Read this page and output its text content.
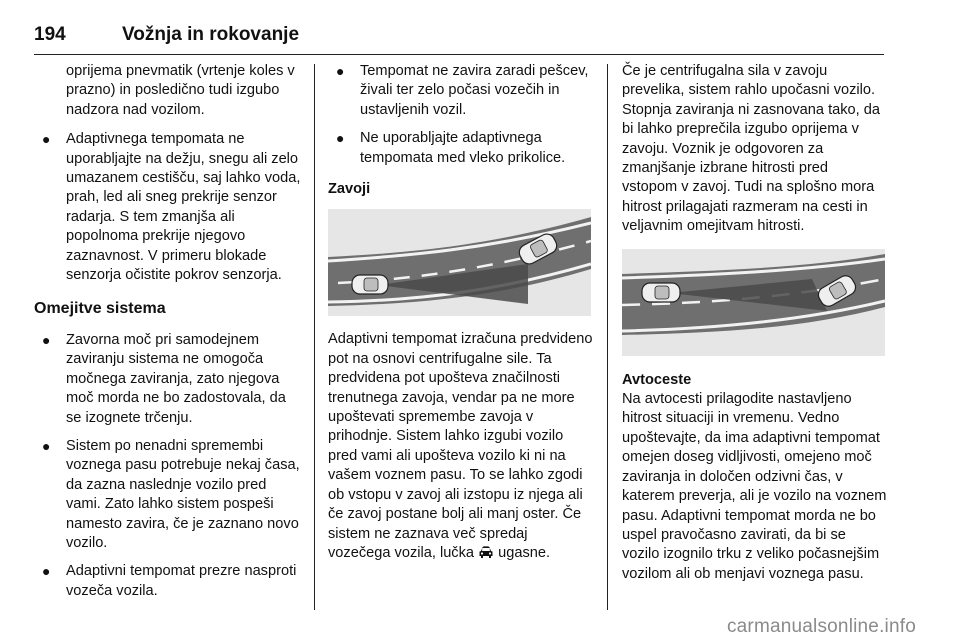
194	Vožnja in rokovanje
oprijema pnevmatik (vrtenje koles v prazno) in posledično tudi izgubo nadzora nad vozilom.
● Adaptivnega tempomata ne uporabljajte na dežju, snegu ali zelo umazanem cestišču, saj lahko voda, prah, led ali sneg prekrije senzor radarja. S tem zmanjša ali popolnoma prekrije njegovo zaznavnost. V primeru blokade senzorja očistite pokrov senzorja.
Omejitve sistema
● Zavorna moč pri samodejnem zaviranju sistema ne omogoča močnega zaviranja, zato njegova moč morda ne bo zadostovala, da se izognete trčenju.
● Sistem po nenadni spremembi voznega pasu potrebuje nekaj časa, da zazna naslednje vozilo pred vami. Zato lahko sistem pospeši namesto zavira, če je zaznano novo vozilo.
● Adaptivni tempomat prezre nasproti vozeča vozila.
● Tempomat ne zavira zaradi pešcev, živali ter zelo počasi vozečih in ustavljenih vozil.
● Ne uporabljajte adaptivnega tempomata med vleko prikolice.
Zavoji
Adaptivni tempomat izračuna predvideno pot na osnovi centrifugalne sile. Ta predvidena pot upošteva značilnosti trenutnega zavoja, vendar pa ne more upoštevati spremembe zavoja v prihodnje. Sistem lahko izgubi vozilo pred vami ali upošteva vozilo ki ni na vašem voznem pasu. To se lahko zgodi ob vstopu v zavoj ali izstopu iz njega ali če zavoj postane bolj ali manj oster. Če sistem ne zaznava več spredaj vozečega vozila, lučka  ugasne.
Če je centrifugalna sila v zavoju prevelika, sistem rahlo upočasni vozilo. Stopnja zaviranja ni zasnovana tako, da bi lahko preprečila izgubo oprijema v zavoju. Voznik je odgovoren za zmanjšanje izbrane hitrosti pred vstopom v zavoj. Tudi na splošno mora hitrost prilagajati razmeram na cesti in veljavnim omejitvam hitrosti.
Avtoceste
Na avtocesti prilagodite nastavljeno hitrost situaciji in vremenu. Vedno upoštevajte, da ima adaptivni tempomat omejen doseg vidljivosti, omejeno moč zaviranja in določen odzivni čas, v katerem preverja, ali je vozilo na voznem pasu. Adaptivni tempomat morda ne bo uspel pravočasno zavirati, da bi se vozilo izognilo trku z veliko počasnejšim vozilom ali ob menjavi voznega pasu.
carmanualsonline.info
